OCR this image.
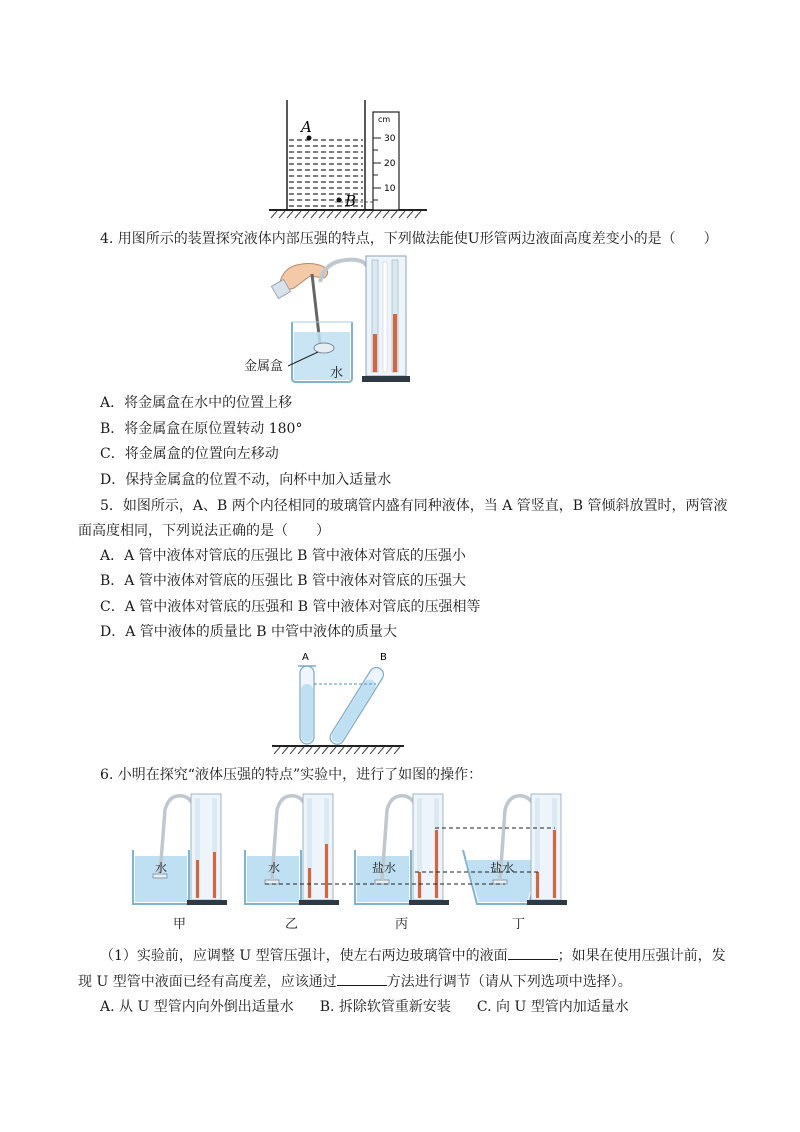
A
B
cm
30
20
10
4. 用图所示的装置探究液体内部压强的特点，下列做法能使U形管两边液面高度差变小的是（　　）
金属盒	水
A．将金属盒在水中的位置上移
B．将金属盒在原位置转动 180°
C．将金属盒的位置向左移动
D．保持金属盒的位置不动，向杯中加入适量水
5．如图所示，A、B 两个内径相同的玻璃管内盛有同种液体，当 A 管竖直，B 管倾斜放置时，两管液
面高度相同，下列说法正确的是（　　）
A．A 管中液体对管底的压强比 B 管中液体对管底的压强小
B．A 管中液体对管底的压强比 B 管中液体对管底的压强大
C．A 管中液体对管底的压强和 B 管中液体对管底的压强相等
D．A 管中液体的质量比 B 中管中液体的质量大
A	B
6. 小明在探究“液体压强的特点”实验中，进行了如图的操作：
水	水	盐水	盐水
甲	乙	丙	丁
（1）实验前，应调整 U 型管压强计，使左右两边玻璃管中的液面	；如果在使用压强计前，发
现 U 型管中液面已经有高度差，应该通过	方法进行调节（请从下列选项中选择）。
A. 从 U 型管内向外倒出适量水 B. 拆除软管重新安装 C. 向 U 型管内加适量水
